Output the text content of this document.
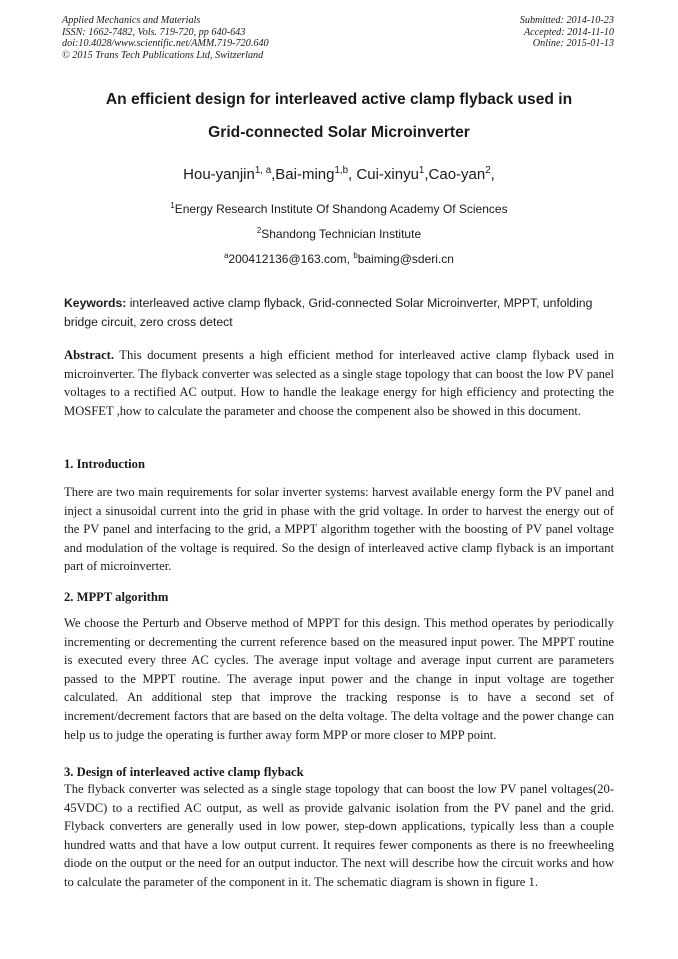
Applied Mechanics and Materials
ISSN: 1662-7482, Vols. 719-720, pp 640-643
doi:10.4028/www.scientific.net/AMM.719-720.640
© 2015 Trans Tech Publications Ltd, Switzerland
Submitted: 2014-10-23
Accepted: 2014-11-10
Online: 2015-01-13
An efficient design for interleaved active clamp flyback used in
Grid-connected Solar Microinverter
Hou-yanjin$^{1, a}$,Bai-ming$^{1,b}$, Cui-xinyu$^1$,Cao-yan$^2$,
$^1$Energy Research Institute Of Shandong Academy Of Sciences
$^2$Shandong Technician Institute
$^a$200412136@163.com, $^b$baiming@sderi.cn
Keywords: interleaved active clamp flyback, Grid-connected Solar Microinverter, MPPT, unfolding bridge circuit, zero cross detect
Abstract. This document presents a high efficient method for interleaved active clamp flyback used in microinverter. The flyback converter was selected as a single stage topology that can boost the low PV panel voltages to a rectified AC output. How to handle the leakage energy for high efficiency and protecting the MOSFET ,how to calculate the parameter and choose the compenent also be showed in this document.
1. Introduction
There are two main requirements for solar inverter systems: harvest available energy form the PV panel and inject a sinusoidal current into the grid in phase with the grid voltage. In order to harvest the energy out of the PV panel and interfacing to the grid, a MPPT algorithm together with the boosting of PV panel voltage and modulation of the voltage is required. So the design of interleaved active clamp flyback is an important part of microinverter.
2. MPPT algorithm
We choose the Perturb and Observe method of MPPT for this design. This method operates by periodically incrementing or decrementing the current reference based on the measured input power. The MPPT routine is executed every three AC cycles. The average input voltage and average input current are parameters passed to the MPPT routine. The average input power and the change in input voltage are together calculated. An additional step that improve the tracking response is to have a second set of increment/decrement factors that are based on the delta voltage. The delta voltage and the power change can help us to judge the operating is further away form MPP or more closer to MPP point.
3. Design of interleaved active clamp flyback
The flyback converter was selected as a single stage topology that can boost the low PV panel voltages(20-45VDC) to a rectified AC output, as well as provide galvanic isolation from the PV panel and the grid. Flyback converters are generally used in low power, step-down applications, typically less than a couple hundred watts and that have a low output current. It requires fewer components as there is no freewheeling diode on the output or the need for an output inductor. The next will describe how the circuit works and how to calculate the parameter of the component in it. The schematic diagram is shown in figure 1.
